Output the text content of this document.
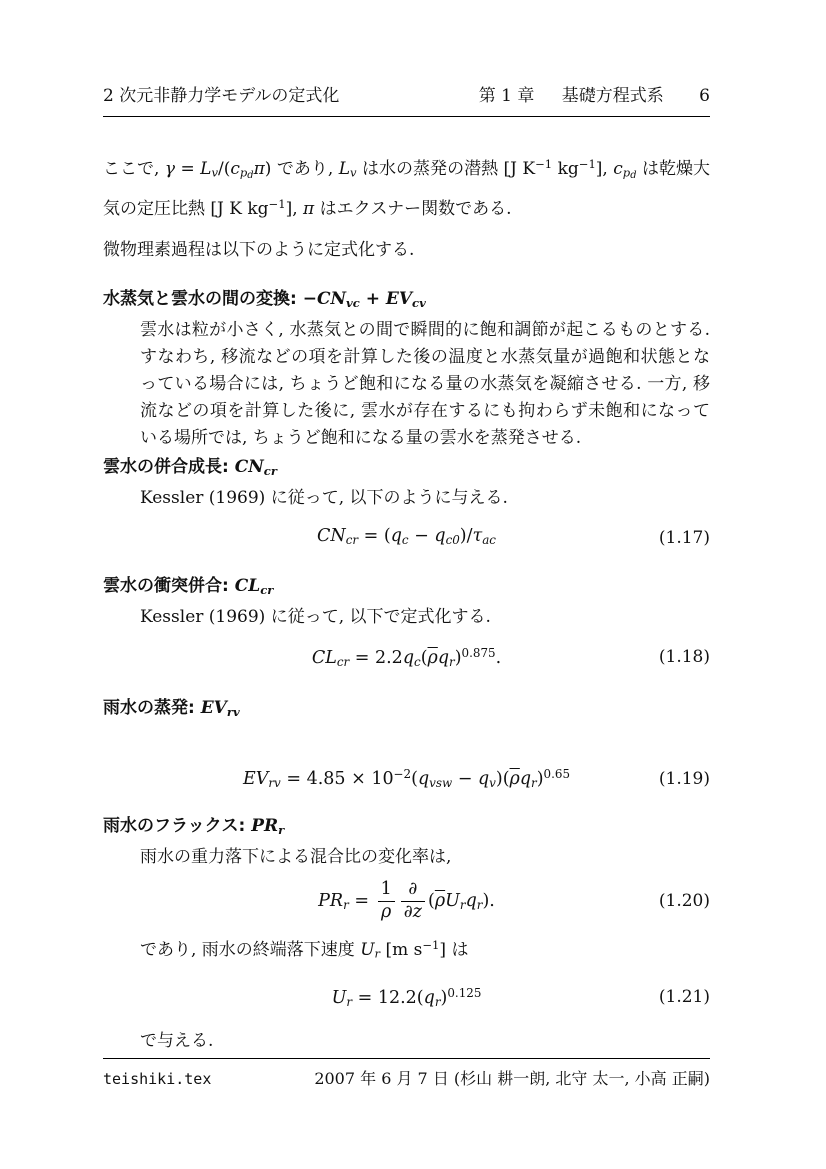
2 次元非静力学モデルの定式化	第 1 章 基礎方程式系 6

ここで, $\gamma = L_v/(c_{pd}\pi)$ であり, $L_v$ は水の蒸発の潜熱 [J $K^{-1}$ $kg^{-1}$], $c_{pd}$ は乾燥大気の定圧比熱 [J K $kg^{-1}$], π はエクスナー関数である.

微物理素過程は以下のように定式化する.

水蒸気と雲水の間の変換: $-CN_{vc} + EV_{cv}$
雲水は粒が小さく, 水蒸気との間で瞬間的に飽和調節が起こるものとする. すなわち, 移流などの項を計算した後の温度と水蒸気量が過飽和状態となっている場合には, ちょうど飽和になる量の水蒸気を凝縮させる. 一方, 移流などの項を計算した後に, 雲水が存在するにも拘わらず未飽和になっている場所では, ちょうど飽和になる量の雲水を蒸発させる.
雲水の併合成長: $CN_{cr}$
Kessler (1969) に従って, 以下のように与える.
$CN_{cr} = (q_c - q_{c0})/\tau_{ac}$	(1.17)
雲水の衝突併合: $CL_{cr}$
Kessler (1969) に従って, 以下で定式化する.
$CL_{cr} = 2.2q_c(\overline{\rho}q_r)^{0.875}$.	(1.18)
雨水の蒸発: $EV_{rv}$
$EV_{rv} = 4.85 \times 10^{-2}(q_{vsw} - q_v)(\overline{\rho}q_r)^{0.65}$	(1.19)
雨水のフラックス: $PR_r$
雨水の重力落下による混合比の変化率は,
$PR_r = \frac{1}{\rho} \frac{\partial}{\partial z} (\overline{\rho}U_rq_r)$.	(1.20)
であり, 雨水の終端落下速度 $U_r$ [m $s^{-1}$] は
$U_r = 12.2(q_r)^{0.125}$	(1.21)
で与える.
teishiki.tex	2007 年 6 月 7 日 (杉山 耕一朗, 北守 太一, 小高 正嗣)
